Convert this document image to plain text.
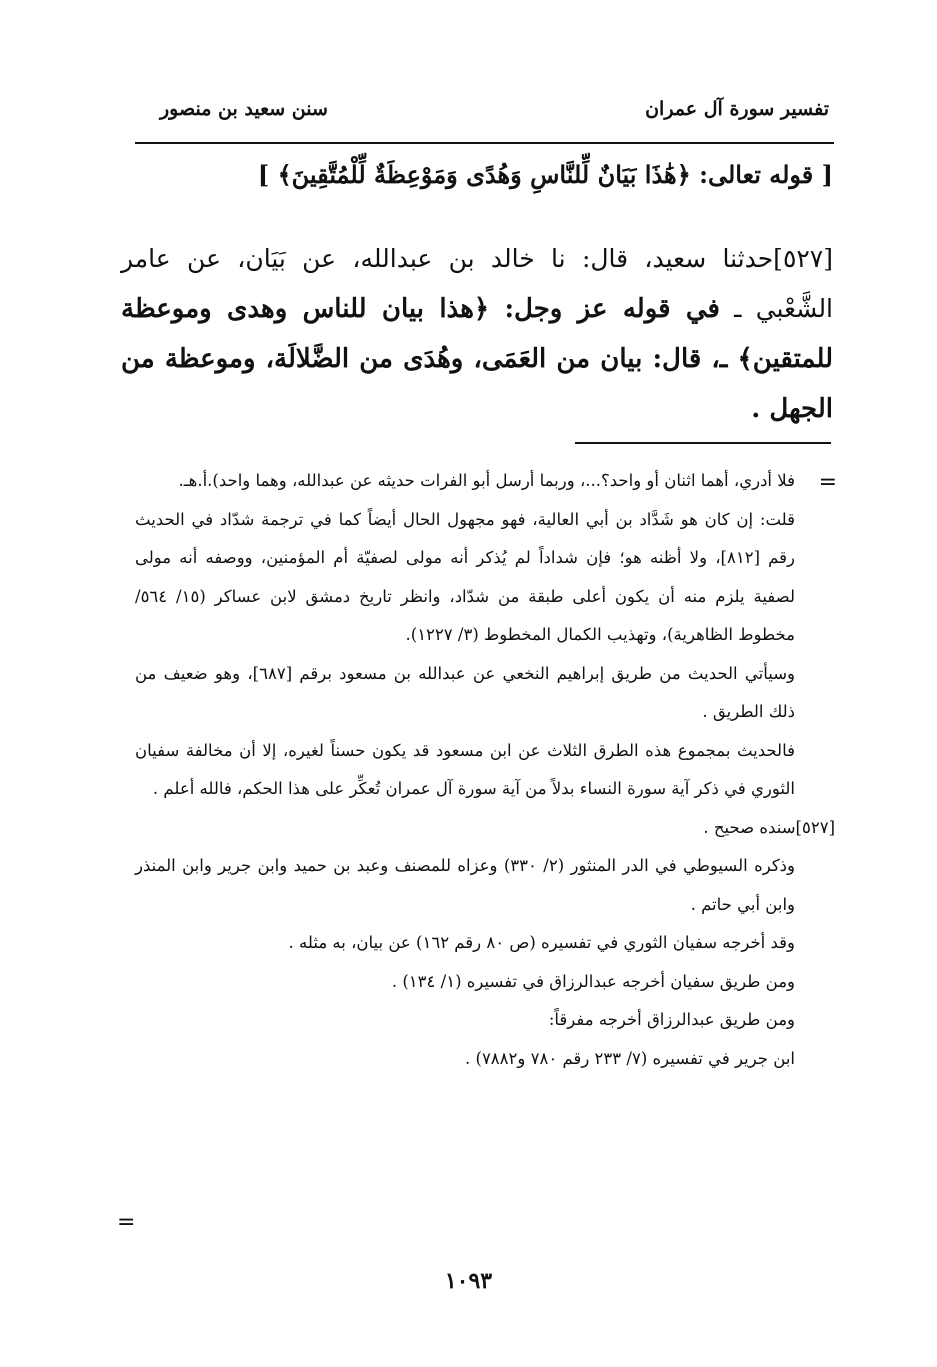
تفسير سورة آل عمران
سنن سعيد بن منصور
[ قوله تعالى: ﴿هَٰذَا بَيَانٌ لِّلنَّاسِ وَهُدًى وَمَوْعِظَةٌ لِّلْمُتَّقِينَ﴾ ]
[٥٢٧]حدثنا سعيد، قال: نا خالد بن عبدالله، عن بَيَان، عن عامر الشَّعْبي ـ في قوله عز وجل: ﴿هذا بيان للناس وهدى وموعظة للمتقين﴾ ـ، قال: بيان من العَمَى، وهُدَى من الضَّلالَة، وموعظة من الجهل .
=

فلا أدري، أهما اثنان أو واحد؟...، وربما أرسل أبو الفرات حديثه عن عبدالله، وهما واحد).أ.هـ.

قلت: إن كان هو شَدَّاد بن أبي العالية، فهو مجهول الحال أيضاً كما في ترجمة شدّاد في الحديث رقم [٨١٢]، ولا أظنه هو؛ فإن شداداً لم يُذكر أنه مولى لصفيّة أم المؤمنين، ووصفه أنه مولى لصفية يلزم منه أن يكون أعلى طبقة من شدّاد، وانظر تاريخ دمشق لابن عساكر (١٥/ ٥٦٤/ مخطوط الظاهرية)، وتهذيب الكمال المخطوط (٣/ ١٢٢٧).

وسيأتي الحديث من طريق إبراهيم النخعي عن عبدالله بن مسعود برقم [٦٨٧]، وهو ضعيف من ذلك الطريق .

فالحديث بمجموع هذه الطرق الثلاث عن ابن مسعود قد يكون حسناً لغيره، إلا أن مخالفة سفيان الثوري في ذكر آية سورة النساء بدلاً من آية سورة آل عمران تُعكِّر على هذا الحكم، فالله أعلم .

[٥٢٧]سنده صحيح .

وذكره السيوطي في الدر المنثور (٢/ ٣٣٠) وعزاه للمصنف وعبد بن حميد وابن جرير وابن المنذر وابن أبي حاتم .

وقد أخرجه سفيان الثوري في تفسيره (ص ٨٠ رقم ١٦٢) عن بيان، به مثله .

ومن طريق سفيان أخرجه عبدالرزاق في تفسيره (١/ ١٣٤) .

ومن طريق عبدالرزاق أخرجه مفرقاً:

ابن جرير في تفسيره (٧/ ٢٣٣ رقم ٧٨٠ و٧٨٨٢) .

=
١٠٩٣
